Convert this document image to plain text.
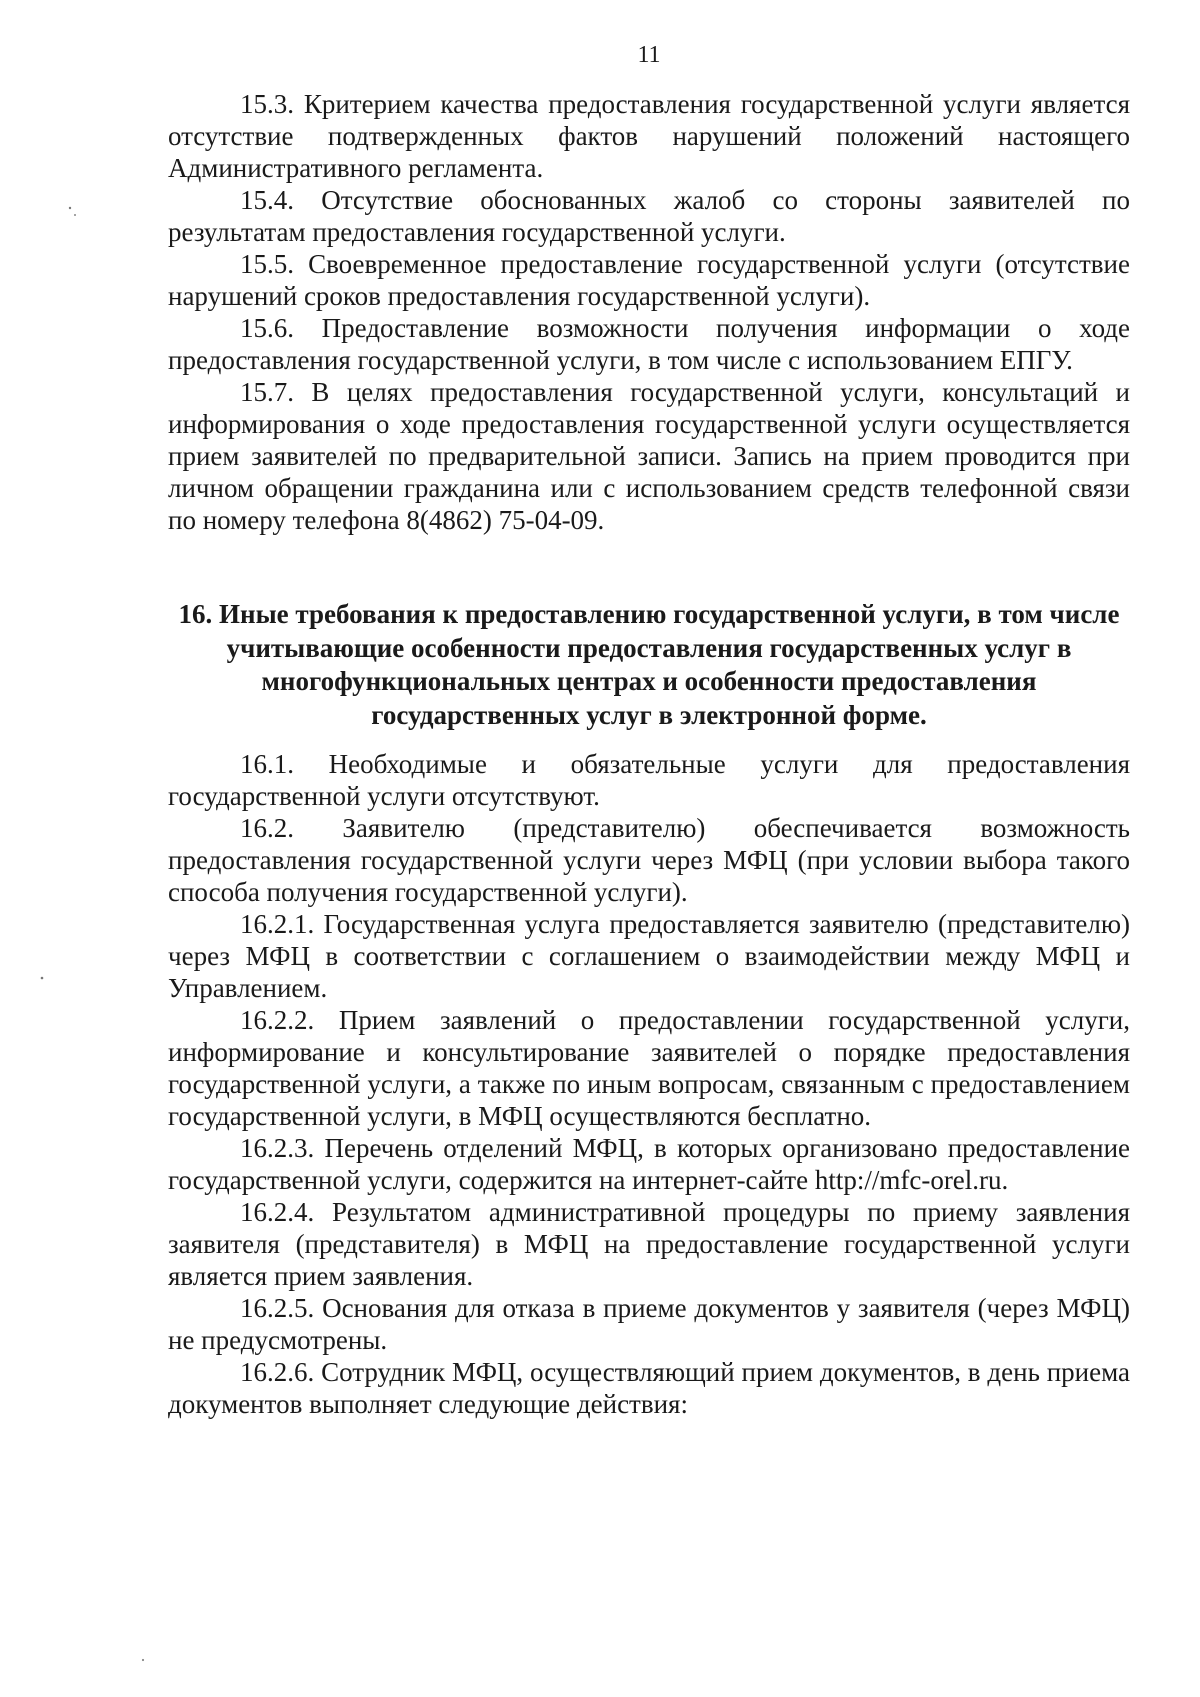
11

15.3. Критерием качества предоставления государственной услуги является отсутствие подтвержденных фактов нарушений положений настоящего Административного регламента.

15.4. Отсутствие обоснованных жалоб со стороны заявителей по результатам предоставления государственной услуги.

15.5. Своевременное предоставление государственной услуги (отсутствие нарушений сроков предоставления государственной услуги).

15.6. Предоставление возможности получения информации о ходе предоставления государственной услуги, в том числе с использованием ЕПГУ.

15.7. В целях предоставления государственной услуги, консультаций и информирования о ходе предоставления государственной услуги осуществляется прием заявителей по предварительной записи. Запись на прием проводится при личном обращении гражданина или с использованием средств телефонной связи по номеру телефона 8(4862) 75-04-09.

16. Иные требования к предоставлению государственной услуги, в том числе учитывающие особенности предоставления государственных услуг в многофункциональных центрах и особенности предоставления государственных услуг в электронной форме.

16.1. Необходимые и обязательные услуги для предоставления государственной услуги отсутствуют.

16.2. Заявителю (представителю) обеспечивается возможность предоставления государственной услуги через МФЦ (при условии выбора такого способа получения государственной услуги).

16.2.1. Государственная услуга предоставляется заявителю (представителю) через МФЦ в соответствии с соглашением о взаимодействии между МФЦ и Управлением.

16.2.2. Прием заявлений о предоставлении государственной услуги, информирование и консультирование заявителей о порядке предоставления государственной услуги, а также по иным вопросам, связанным с предоставлением государственной услуги, в МФЦ осуществляются бесплатно.

16.2.3. Перечень отделений МФЦ, в которых организовано предоставление государственной услуги, содержится на интернет-сайте http://mfc-orel.ru.

16.2.4. Результатом административной процедуры по приему заявления заявителя (представителя) в МФЦ на предоставление государственной услуги является прием заявления.

16.2.5. Основания для отказа в приеме документов у заявителя (через МФЦ) не предусмотрены.

16.2.6. Сотрудник МФЦ, осуществляющий прием документов, в день приема документов выполняет следующие действия:
